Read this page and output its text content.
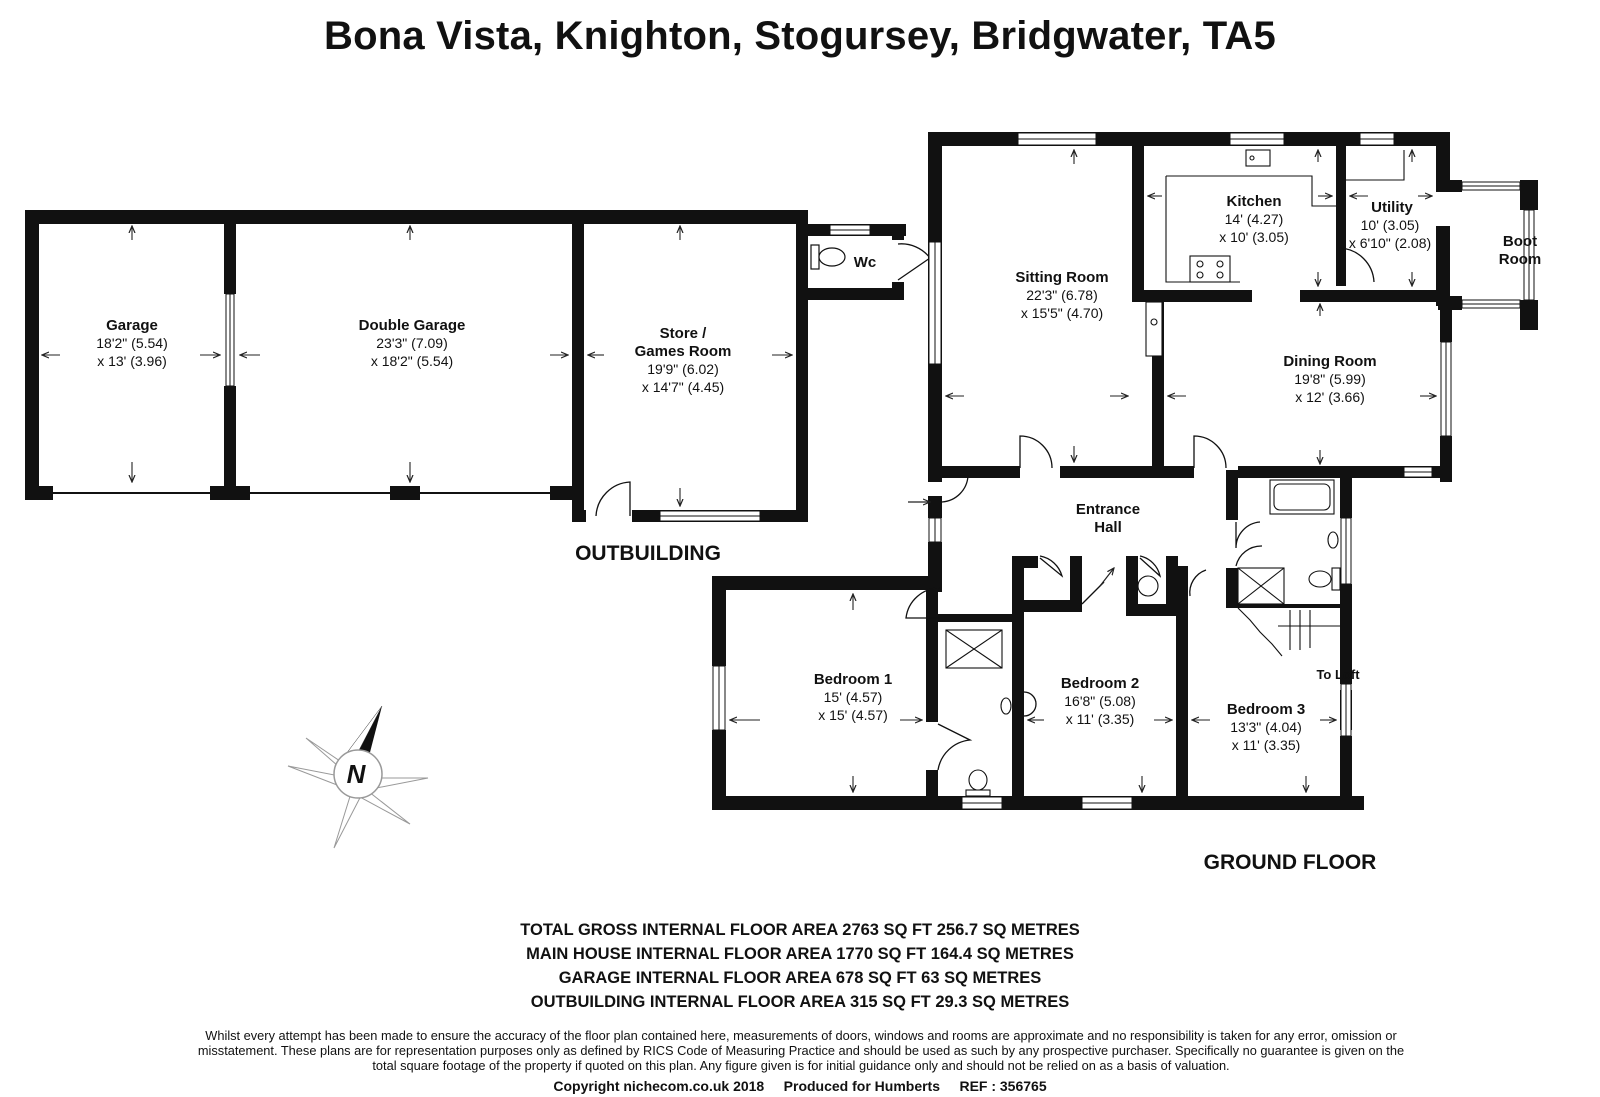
Bona Vista, Knighton, Stogursey, Bridgwater, TA5
Garage
18'2" (5.54)
x 13' (3.96)
Double Garage
23'3" (7.09)
x 18'2" (5.54)
Store /
Games Room
19'9" (6.02)
x 14'7" (4.45)
Wc
Sitting Room
22'3" (6.78)
x 15'5" (4.70)
Kitchen
14' (4.27)
x 10' (3.05)
Utility
10' (3.05)
x 6'10" (2.08)	Boot
Room
Dining Room
19'8" (5.99)
x 12' (3.66)
Entrance
Hall
Bedroom 1
15' (4.57)
x 15' (4.57)
Bedroom 2
16'8" (5.08)
x 11' (3.35)
Bedroom 3
13'3" (4.04)
x 11' (3.35)
To Loft
OUTBUILDING
GROUND FLOOR
N
TOTAL GROSS INTERNAL FLOOR AREA 2763 SQ FT 256.7 SQ METRES
MAIN HOUSE INTERNAL FLOOR AREA 1770 SQ FT 164.4 SQ METRES
GARAGE INTERNAL FLOOR AREA 678 SQ FT 63 SQ METRES
OUTBUILDING INTERNAL FLOOR AREA 315 SQ FT 29.3 SQ METRES
Whilst every attempt has been made to ensure the accuracy of the floor plan contained here, measurements of doors, windows and rooms are approximate and no responsibility is taken for any error, omission or misstatement. These plans are for representation purposes only as defined by RICS Code of Measuring Practice and should be used as such by any prospective purchaser. Specifically no guarantee is given on the total square footage of the property if quoted on this plan. Any figure given is for initial guidance only and should not be relied on as a basis of valuation.
Copyright nichecom.co.uk 2018     Produced for Humberts     REF : 356765
